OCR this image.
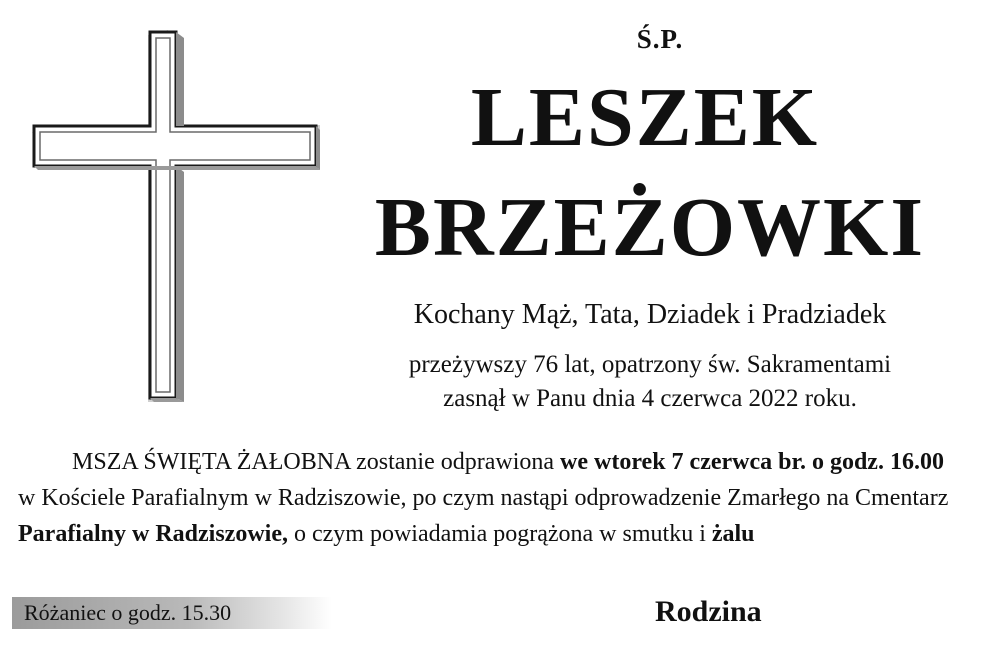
Ś.P.
LESZEK
BRZEŻOWKI
Kochany Mąż, Tata, Dziadek i Pradziadek
przeżywszy 76 lat, opatrzony św. Sakramentami
zasnął w Panu dnia 4 czerwca 2022 roku.
MSZA ŚWIĘTA ŻAŁOBNA zostanie odprawiona we wtorek 7 czerwca br. o godz. 16.00
w Kościele Parafialnym w Radziszowie, po czym nastąpi odprowadzenie Zmarłego na Cmentarz
Parafialny w Radziszowie, o czym powiadamia pogrążona w smutku i żalu
Różaniec o godz. 15.30	Rodzina
